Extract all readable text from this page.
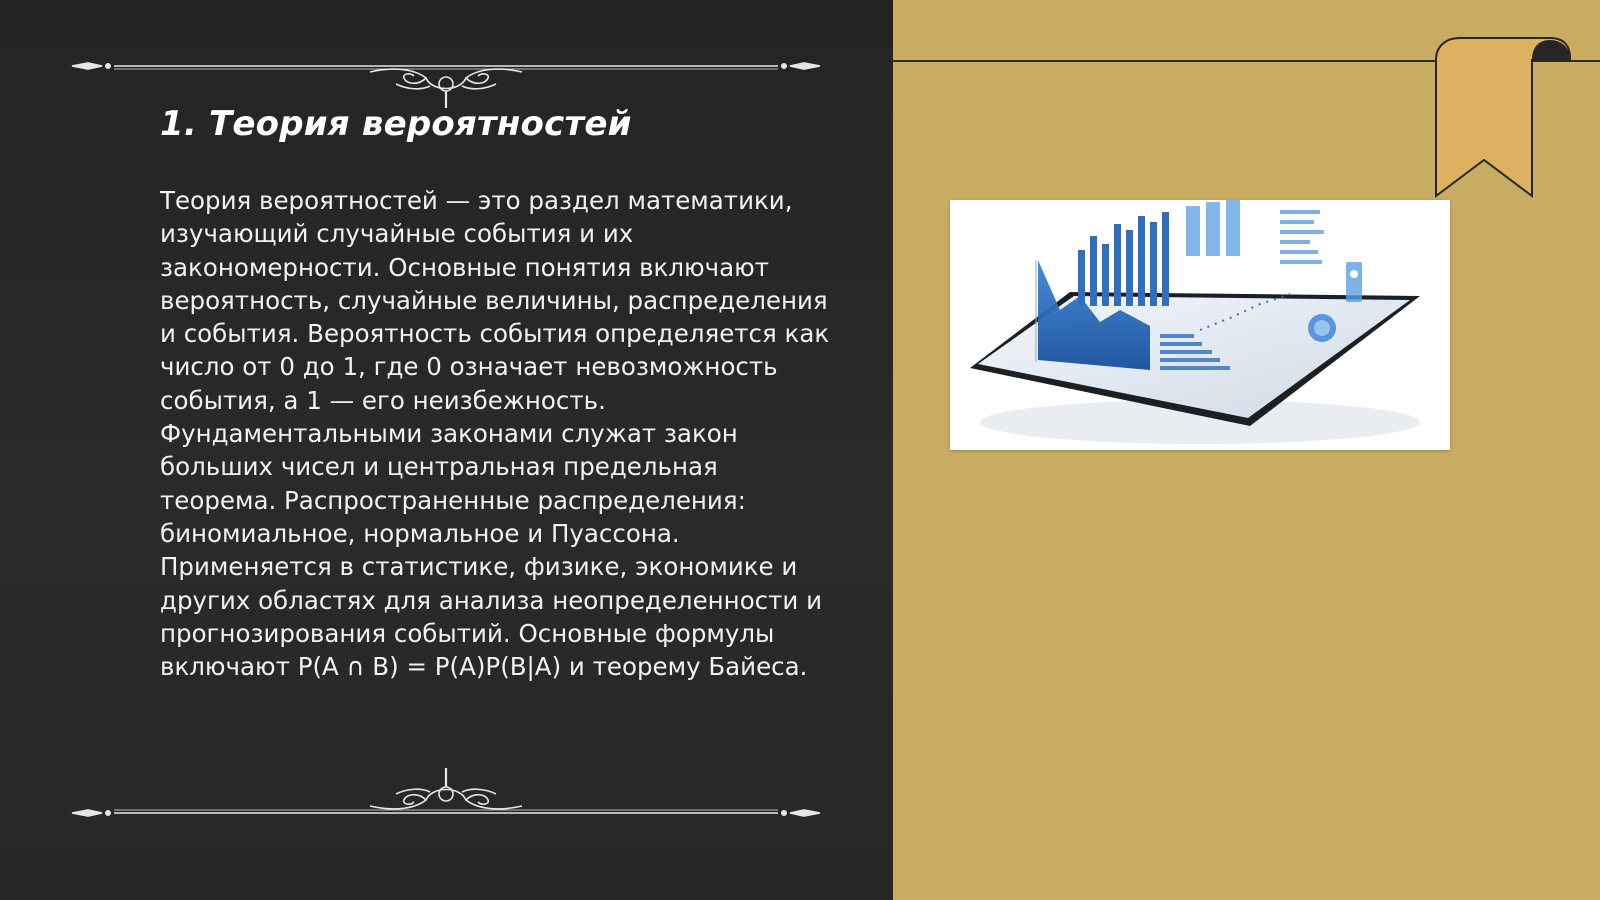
1. Теория вероятностей

Теория вероятностей — это раздел математики, изучающий случайные события и их закономерности. Основные понятия включают вероятность, случайные величины, распределения и события. Вероятность события определяется как число от 0 до 1, где 0 означает невозможность события, а 1 — его неизбежность. Фундаментальными законами служат закон больших чисел и центральная предельная теорема. Распространенные распределения: биномиальное, нормальное и Пуассона. Применяется в статистике, физике, экономике и других областях для анализа неопределенности и прогнозирования событий. Основные формулы включают P(A ∩ B) = P(A)P(B|A) и теорему Байеса.
